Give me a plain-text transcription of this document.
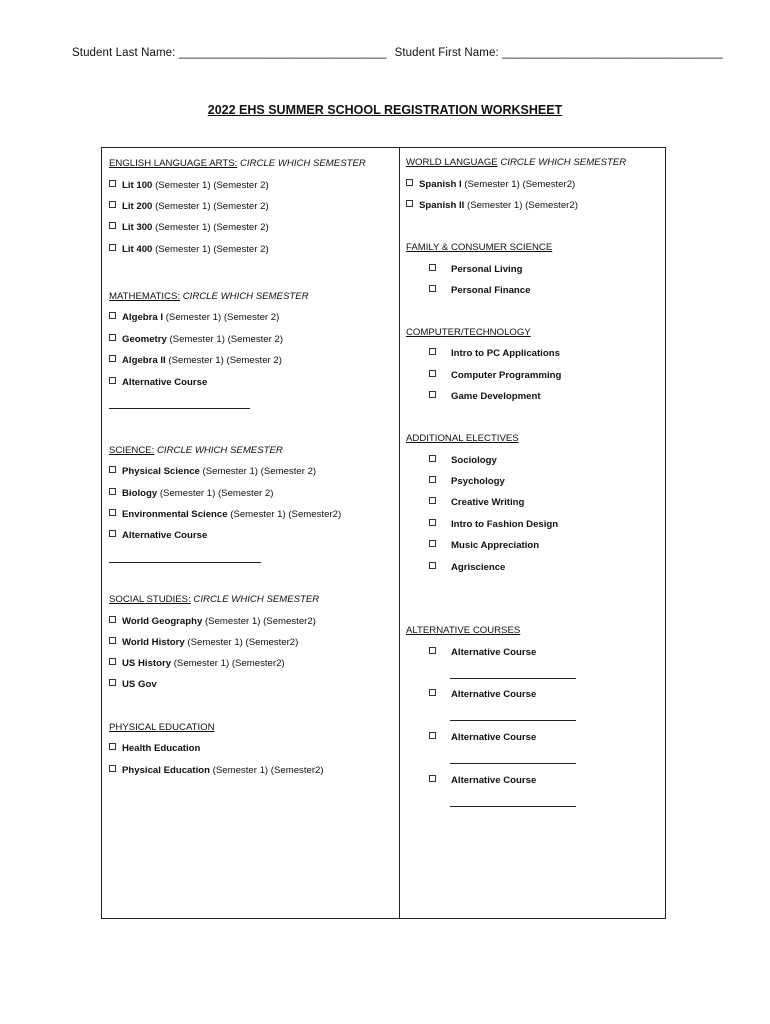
Student Last Name: ________________________________ Student First Name: __________________________________
2022 EHS SUMMER SCHOOL REGISTRATION WORKSHEET
ENGLISH LANGUAGE ARTS: CIRCLE WHICH SEMESTER
Lit 100 (Semester 1) (Semester 2)
Lit 200 (Semester 1) (Semester 2)
Lit 300 (Semester 1) (Semester 2)
Lit 400 (Semester 1) (Semester 2)
MATHEMATICS: CIRCLE WHICH SEMESTER
Algebra I (Semester 1) (Semester 2)
Geometry (Semester 1) (Semester 2)
Algebra II (Semester 1) (Semester 2)
Alternative Course
SCIENCE: CIRCLE WHICH SEMESTER
Physical Science (Semester 1) (Semester 2)
Biology (Semester 1) (Semester 2)
Environmental Science (Semester 1) (Semester2)
Alternative Course
SOCIAL STUDIES: CIRCLE WHICH SEMESTER
World Geography (Semester 1) (Semester2)
World History (Semester 1) (Semester2)
US History (Semester 1) (Semester2)
US Gov
PHYSICAL EDUCATION
Health Education
Physical Education (Semester 1) (Semester2)
WORLD LANGUAGE CIRCLE WHICH SEMESTER
Spanish I (Semester 1) (Semester2)
Spanish II (Semester 1) (Semester2)
FAMILY & CONSUMER SCIENCE
Personal Living
Personal Finance
COMPUTER/TECHNOLOGY
Intro to PC Applications
Computer Programming
Game Development
ADDITIONAL ELECTIVES
Sociology
Psychology
Creative Writing
Intro to Fashion Design
Music Appreciation
Agriscience
ALTERNATIVE COURSES
Alternative Course
Alternative Course
Alternative Course
Alternative Course
